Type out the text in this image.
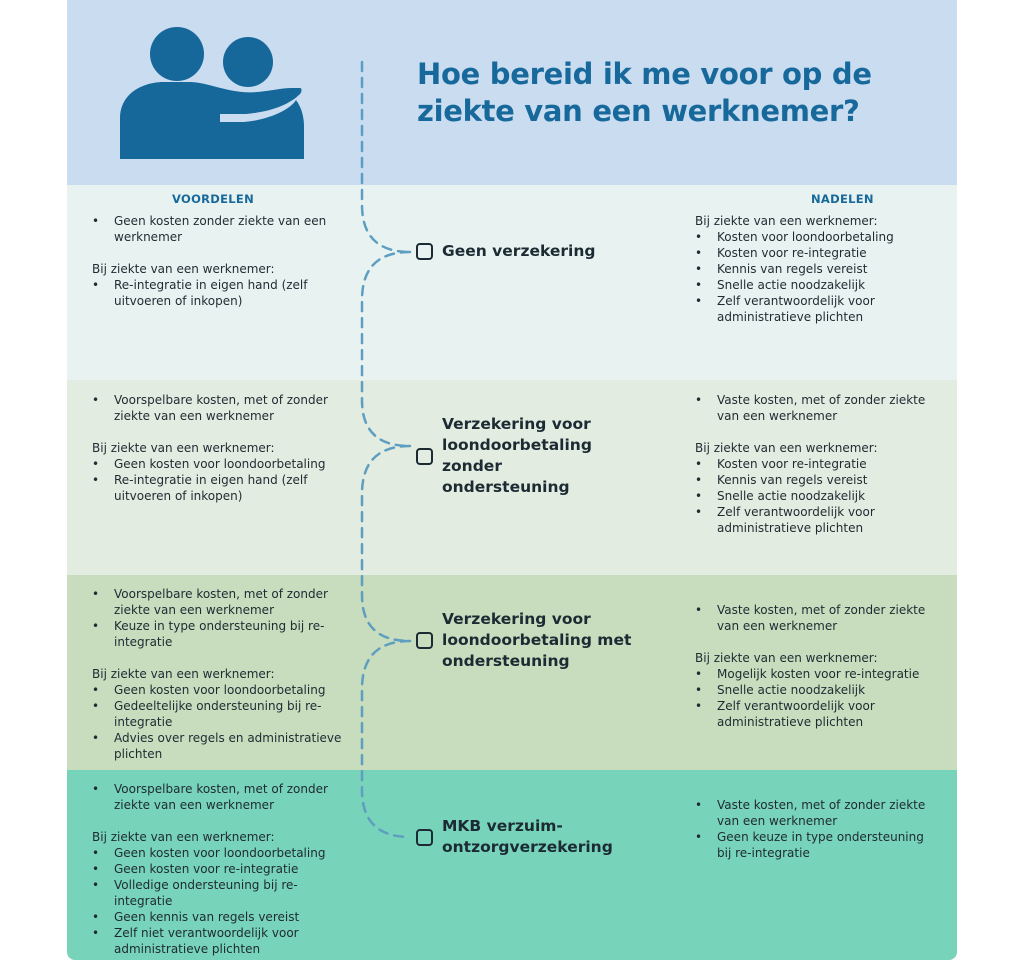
Hoe bereid ik me voor op de ziekte van een werknemer?
VOORDELEN	NADELEN
• Geen kosten zonder ziekte van een werknemer

Bij ziekte van een werknemer:

• Re-integratie in eigen hand (zelf uitvoeren of inkopen)
Geen verzekering

Bij ziekte van een werknemer:

• Kosten voor loondoorbetaling
• Kosten voor re-integratie
• Kennis van regels vereist
• Snelle actie noodzakelijk
• Zelf verantwoordelijk voor administratieve plichten
• Voorspelbare kosten, met of zonder ziekte van een werknemer

Bij ziekte van een werknemer:

• Geen kosten voor loondoorbetaling
• Re-integratie in eigen hand (zelf uitvoeren of inkopen)
Verzekering voor loondoorbetaling zonder ondersteuning
• Vaste kosten, met of zonder ziekte van een werknemer

Bij ziekte van een werknemer:

• Kosten voor re-integratie
• Kennis van regels vereist
• Snelle actie noodzakelijk
• Zelf verantwoordelijk voor administratieve plichten
• Voorspelbare kosten, met of zonder ziekte van een werknemer
• Keuze in type ondersteuning bij re-integratie

Bij ziekte van een werknemer:

• Geen kosten voor loondoorbetaling
• Gedeeltelijke ondersteuning bij re-integratie
• Advies over regels en administratieve plichten
Verzekering voor loondoorbetaling met ondersteuning
• Vaste kosten, met of zonder ziekte van een werknemer

Bij ziekte van een werknemer:

• Mogelijk kosten voor re-integratie
• Snelle actie noodzakelijk
• Zelf verantwoordelijk voor administratieve plichten
• Voorspelbare kosten, met of zonder ziekte van een werknemer

Bij ziekte van een werknemer:

• Geen kosten voor loondoorbetaling
• Geen kosten voor re-integratie
• Volledige ondersteuning bij re-integratie
• Geen kennis van regels vereist
• Zelf niet verantwoordelijk voor administratieve plichten
MKB verzuim-ontzorgverzekering
• Vaste kosten, met of zonder ziekte van een werknemer
• Geen keuze in type ondersteuning bij re-integratie
